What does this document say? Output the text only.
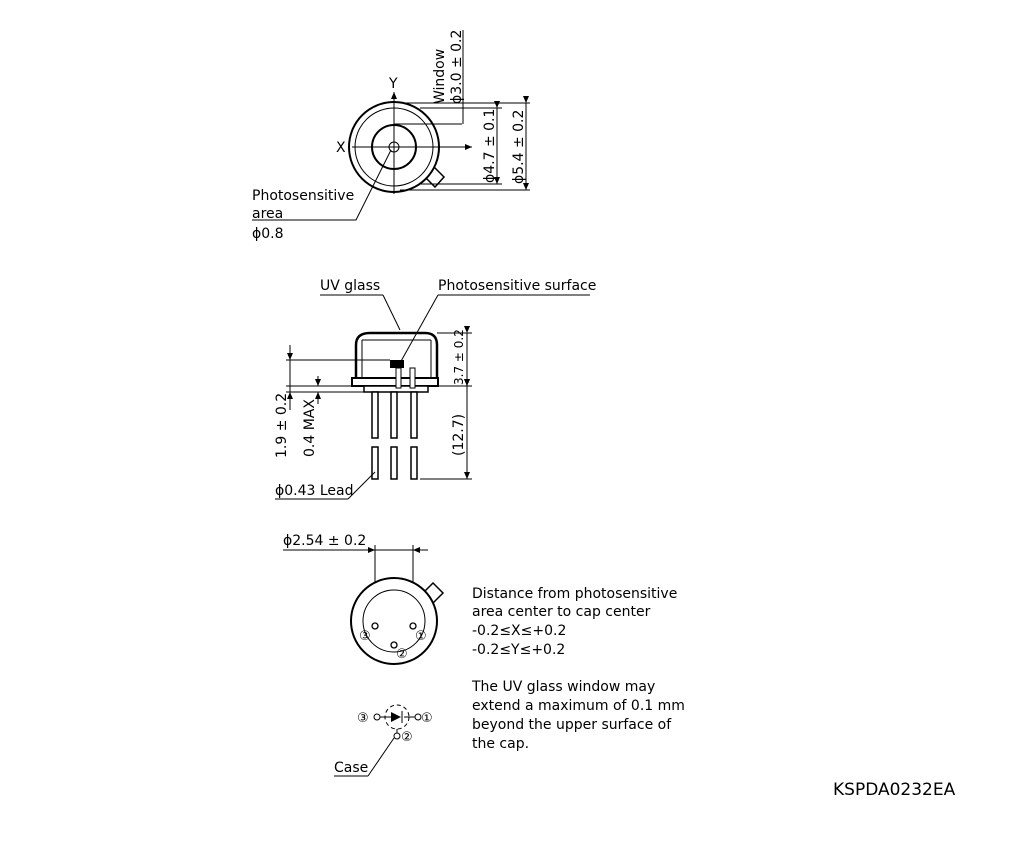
X
Y Window ϕ3.0 ± 0.2
ϕ4.7 ± 0.1 ϕ5.4 ± 0.2
Photosensitive
area
ϕ0.8
UV glass	Photosensitive surface
3.7 ± 0.2
(12.7)
1.9 ± 0.2 0.4 MAX
ϕ0.43 Lead
ϕ2.54 ± 0.2
③
②
①
③	①
②
Case
Distance from photosensitive
area center to cap center
-0.2≤X≤+0.2
-0.2≤Y≤+0.2
The UV glass window may
extend a maximum of 0.1 mm
beyond the upper surface of
the cap.
KSPDA0232EA
